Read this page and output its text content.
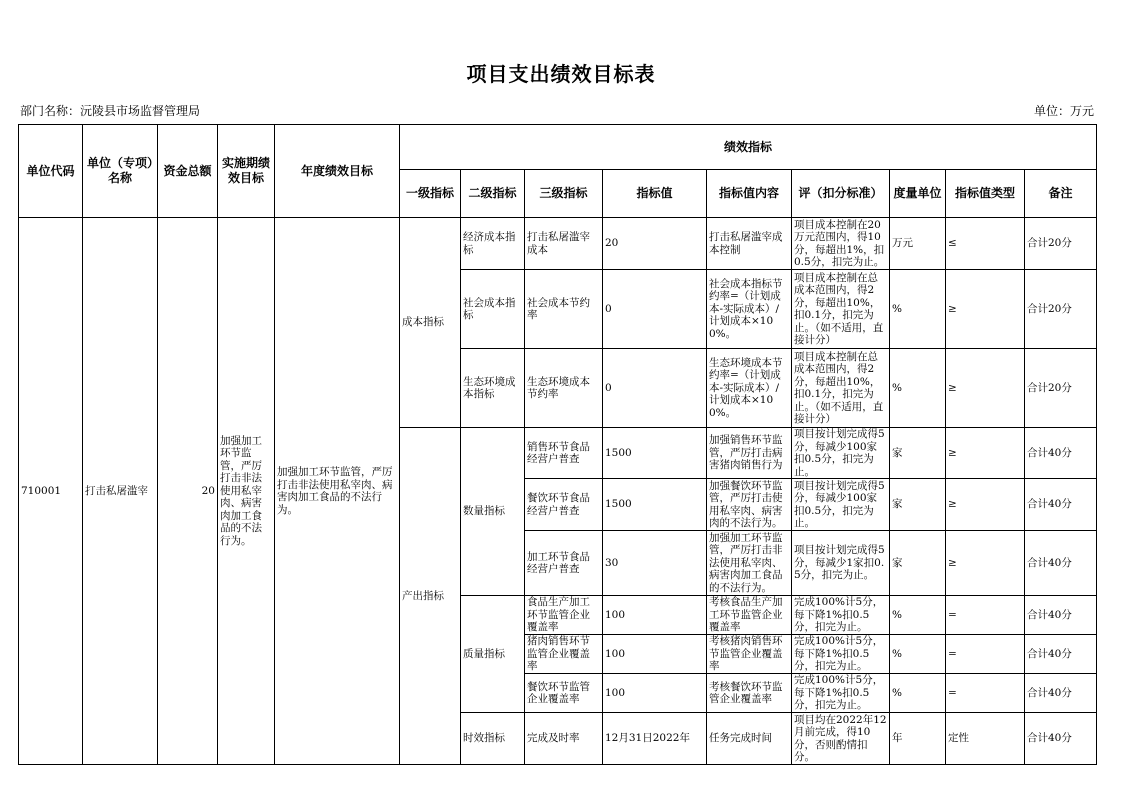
项目支出绩效目标表
部门名称：沅陵县市场监督管理局	单位：万元
单位代码	单位（专项）名称	资金总额	实施期绩效目标	年度绩效目标	绩效指标								
					一级指标	二级指标	三级指标	指标值	指标值内容	评（扣分标准）	度量单位	指标值类型	备注
710001	打击私屠滥宰	20	加强加工环节监管，严厉打击非法使用私宰肉、病害肉加工食品的不法行为。	加强加工环节监管，严厉打击非法使用私宰肉、病害肉加工食品的不法行为。	成本指标	经济成本指标	打击私屠滥宰成本	20	打击私屠滥宰成本控制	项目成本控制在20万元范围内，得10分，每超出1%，扣0.5分，扣完为止。	万元	≤	合计20分
						社会成本指标	社会成本节约率	0	社会成本指标节约率=（计划成本-实际成本）/计划成本×100%。	项目成本控制在总成本范围内，得2分，每超出10%，扣0.1分，扣完为止。（如不适用，直接计分）	%	≥	合计20分
						生态环境成本指标	生态环境成本节约率	0	生态环境成本节约率=（计划成本-实际成本）/计划成本×100%。	项目成本控制在总成本范围内，得2分，每超出10%，扣0.1分，扣完为止。（如不适用，直接计分）	%	≥	合计20分
					产出指标	数量指标	销售环节食品经营户普查	1500	加强销售环节监管，严厉打击病害猪肉销售行为	项目按计划完成得5分，每减少100家扣0.5分，扣完为止。	家	≥	合计40分
							餐饮环节食品经营户普查	1500	加强餐饮环节监管，严厉打击使用私宰肉、病害肉的不法行为。	项目按计划完成得5分，每减少100家扣0.5分，扣完为止。	家	≥	合计40分
							加工环节食品经营户普查	30	加强加工环节监管，严厉打击非法使用私宰肉、病害肉加工食品的不法行为。	项目按计划完成得5分，每减少1家扣0.5分，扣完为止。	家	≥	合计40分
						质量指标	食品生产加工环节监管企业覆盖率	100	考核食品生产加工环节监管企业覆盖率	完成100%计5分，每下降1%扣0.5分，扣完为止。	%	=	合计40分
							猪肉销售环节监管企业覆盖率	100	考核猪肉销售环节监管企业覆盖率	完成100%计5分，每下降1%扣0.5分，扣完为止。	%	=	合计40分
							餐饮环节监管企业覆盖率	100	考核餐饮环节监管企业覆盖率	完成100%计5分，每下降1%扣0.5分，扣完为止。	%	=	合计40分
						时效指标	完成及时率	12月31日2022年	任务完成时间	项目均在2022年12月前完成，得10分，否则酌情扣分。	年	定性	合计40分
